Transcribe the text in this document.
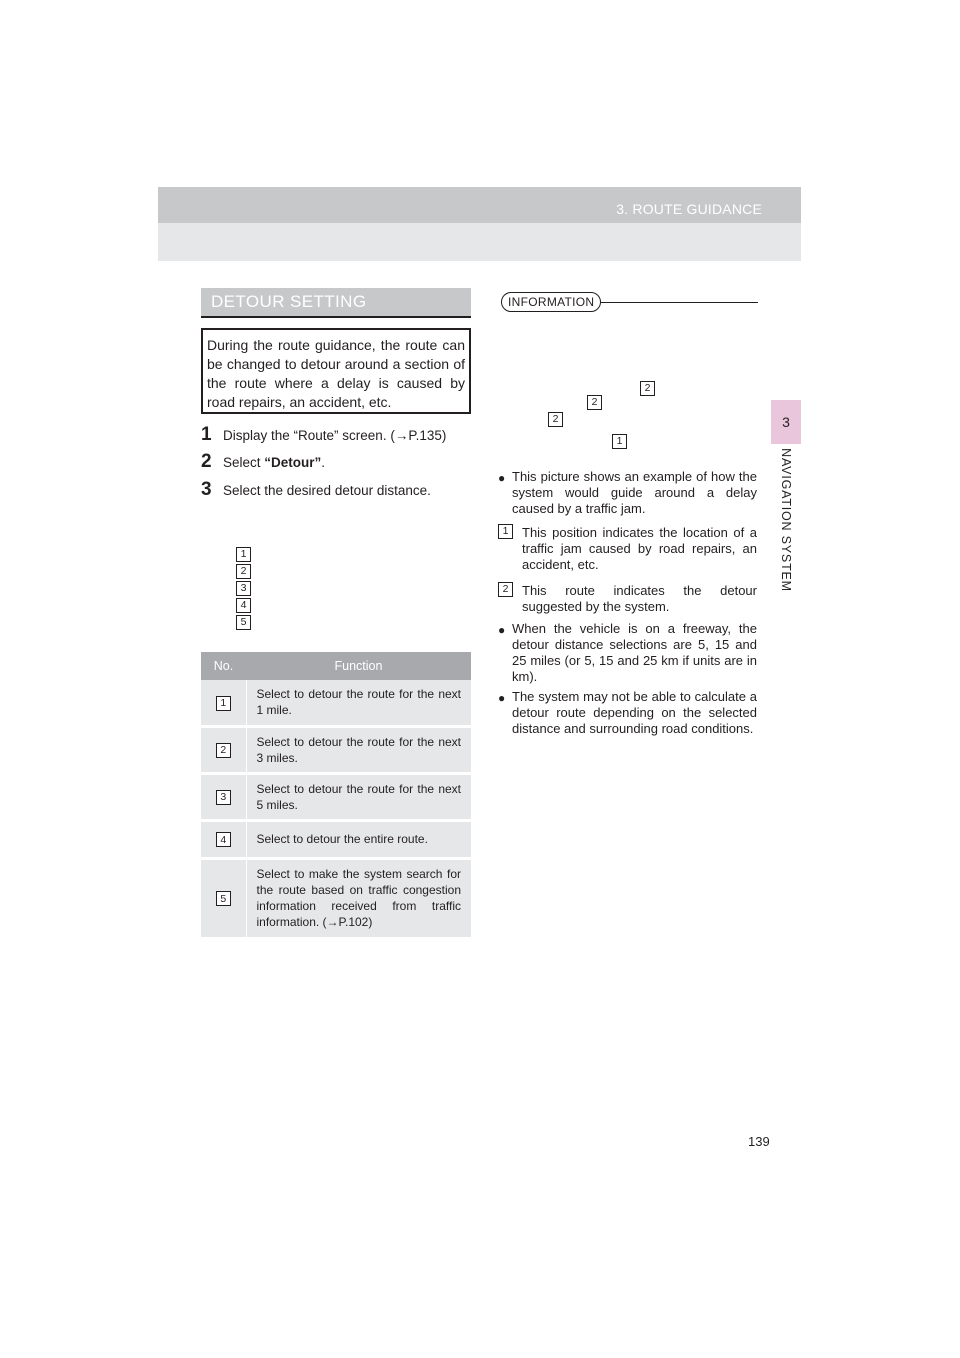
3. ROUTE GUIDANCE
3
NAVIGATION SYSTEM
DETOUR SETTING
During the route guidance, the route can be changed to detour around a section of the route where a delay is caused by road repairs, an accident, etc.
1 Display the “Route” screen. (→P.135)
2 Select
“Detour” .
3 Select the desired detour distance.
1
2
3
4
5
No.	Function
1	Select to detour the route for the next 1 mile.
2	Select to detour the route for the next 3 miles.
3	Select to detour the route for the next 5 miles.
4	Select to detour the entire route.
5	Select to make the system search for the route based on traffic congestion information received from traffic information. (→P.102)
INFORMATION
2
2
2
1
● This picture shows an example of how the system would guide around a delay caused by a traffic jam.
1	This position indicates the location of a traffic jam caused by road repairs, an accident, etc.
2	This route indicates the detour suggested by the system.
● When the vehicle is on a freeway, the detour distance selections are 5, 15 and 25 miles (or 5, 15 and 25 km if units are in km).
● The system may not be able to calculate a detour route depending on the selected distance and surrounding road conditions.
139
